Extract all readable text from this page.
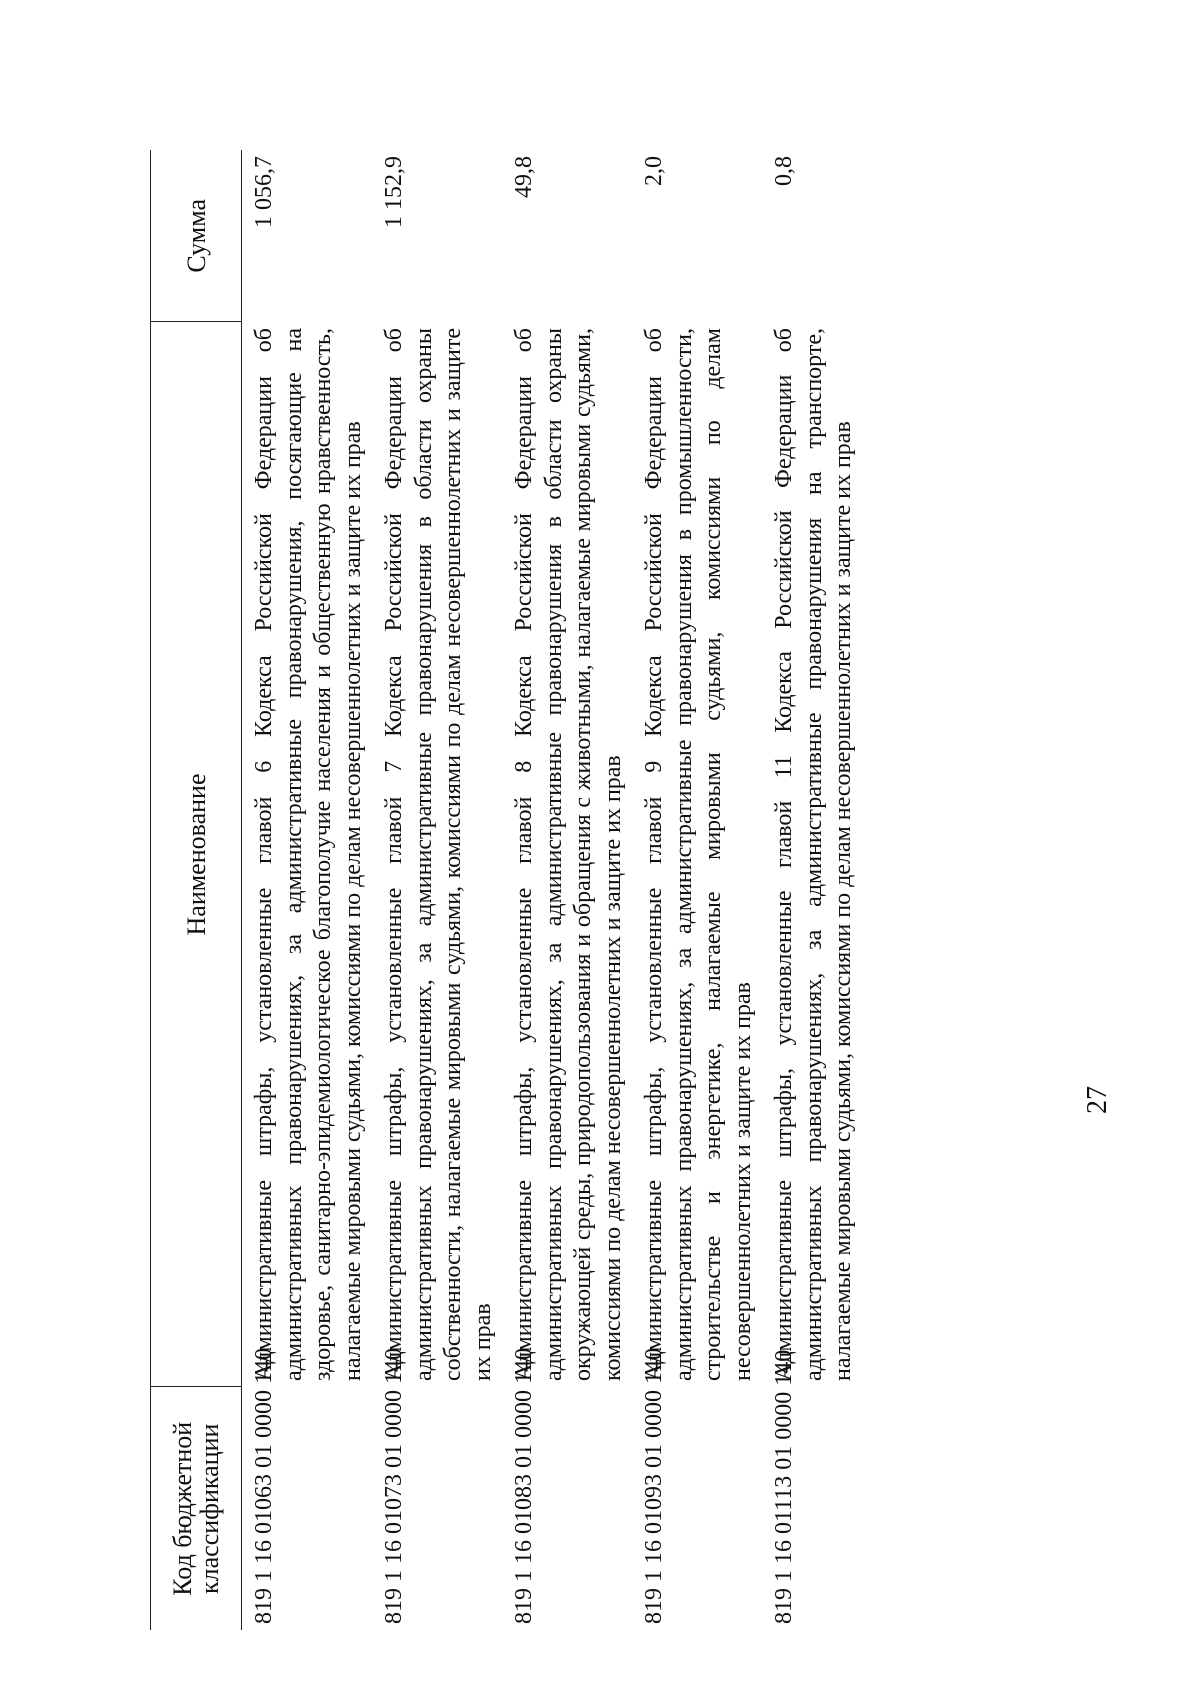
27
Код бюджетной классификации	Наименование	Сумма
819 1 16 01063 01 0000 140	Административные штрафы, установленные главой 6 Кодекса Российской Федерации об административных правонарушениях, за административные правонарушения, посягающие на здоровье, санитарно-эпидемиологическое благополучие населения и общественную нравственность, налагаемые мировыми судьями, комиссиями по делам несовершеннолетних и защите их прав	1 056,7
819 1 16 01073 01 0000 140	Административные штрафы, установленные главой 7 Кодекса Российской Федерации об административных правонарушениях, за административные правонарушения в области охраны собственности, налагаемые мировыми судьями, комиссиями по делам несовершеннолетних и защите их прав	1 152,9
819 1 16 01083 01 0000 140	Административные штрафы, установленные главой 8 Кодекса Российской Федерации об административных правонарушениях, за административные правонарушения в области охраны окружающей среды, природопользования и обращения с животными, налагаемые мировыми судьями, комиссиями по делам несовершеннолетних и защите их прав	49,8
819 1 16 01093 01 0000 140	Административные штрафы, установленные главой 9 Кодекса Российской Федерации об административных правонарушениях, за административные правонарушения в промышленности, строительстве и энергетике, налагаемые мировыми судьями, комиссиями по делам несовершеннолетних и защите их прав	2,0
819 1 16 01113 01 0000 140	Административные штрафы, установленные главой 11 Кодекса Российской Федерации об административных правонарушениях, за административные правонарушения на транспорте, налагаемые мировыми судьями, комиссиями по делам несовершеннолетних и защите их прав	0,8
